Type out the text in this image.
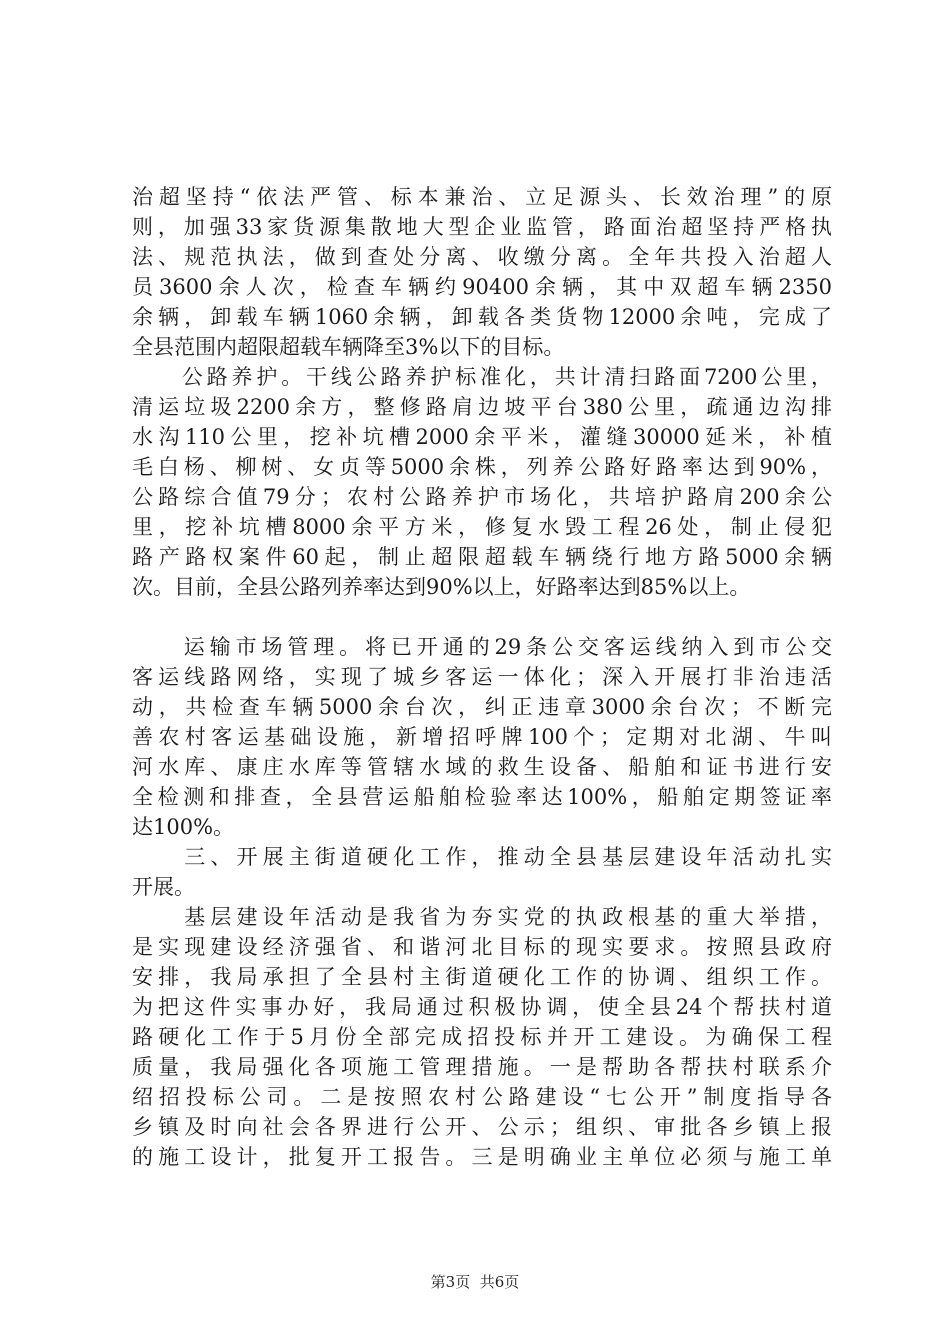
治超坚持“依法严管、标本兼治、立足源头、长效治理”的原
则，加强33家货源集散地大型企业监管，路面治超坚持严格执
法、规范执法，做到查处分离、收缴分离。全年共投入治超人
员3600余人次，检查车辆约90400余辆，其中双超车辆2350
余辆，卸载车辆1060余辆，卸载各类货物12000余吨，完成了
全县范围内超限超载车辆降至3%以下的目标。
　　公路养护。干线公路养护标准化，共计清扫路面7200公里，
清运垃圾2200余方，整修路肩边坡平台380公里，疏通边沟排
水沟110公里，挖补坑槽2000余平米，灌缝30000延米，补植
毛白杨、柳树、女贞等5000余株，列养公路好路率达到90%，
公路综合值79分；农村公路养护市场化，共培护路肩200余公
里，挖补坑槽8000余平方米，修复水毁工程26处，制止侵犯
路产路权案件60起，制止超限超载车辆绕行地方路5000余辆
次。目前，全县公路列养率达到90%以上，好路率达到85%以上。
　　运输市场管理。将已开通的29条公交客运线纳入到市公交
客运线路网络，实现了城乡客运一体化；深入开展打非治违活
动，共检查车辆5000余台次，纠正违章3000余台次；不断完
善农村客运基础设施，新增招呼牌100个；定期对北湖、牛叫
河水库、康庄水库等管辖水域的救生设备、船舶和证书进行安
全检测和排查，全县营运船舶检验率达100%，船舶定期签证率
达100%。
　　三、开展主街道硬化工作，推动全县基层建设年活动扎实
开展。
　　基层建设年活动是我省为夯实党的执政根基的重大举措，
是实现建设经济强省、和谐河北目标的现实要求。按照县政府
安排，我局承担了全县村主街道硬化工作的协调、组织工作。
为把这件实事办好，我局通过积极协调，使全县24个帮扶村道
路硬化工作于5月份全部完成招投标并开工建设。为确保工程
质量，我局强化各项施工管理措施。一是帮助各帮扶村联系介
绍招投标公司。二是按照农村公路建设“七公开”制度指导各
乡镇及时向社会各界进行公开、公示；组织、审批各乡镇上报
的施工设计，批复开工报告。三是明确业主单位必须与施工单
第3页 共6页
